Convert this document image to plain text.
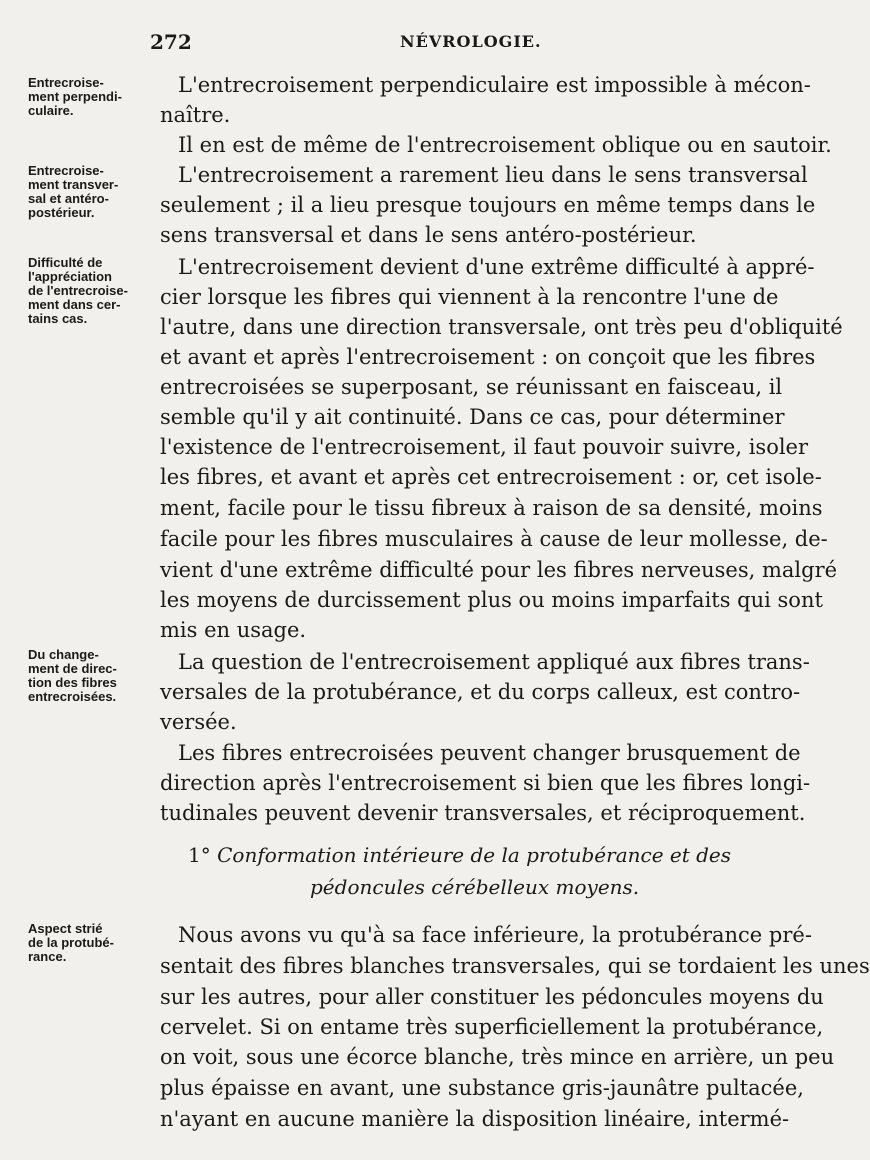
272	NÉVROLOGIE.
Entrecroise-
ment perpendi-
culaire.
Entrecroise-
ment transver-
sal et antéro-
postérieur.
Difficulté de
l'appréciation
de l'entrecroise-
ment dans cer-
tains cas.
Du change-
ment de direc-
tion des fibres
entrecroisées.
Aspect strié
de la protubé-
rance.
L'entrecroisement perpendiculaire est impossible à mécon-
naître.
Il en est de même de l'entrecroisement oblique ou en sautoir.
L'entrecroisement a rarement lieu dans le sens transversal
seulement ; il a lieu presque toujours en même temps dans le
sens transversal et dans le sens antéro-postérieur.
L'entrecroisement devient d'une extrême difficulté à appré-
cier lorsque les fibres qui viennent à la rencontre l'une de
l'autre, dans une direction transversale, ont très peu d'obliquité
et avant et après l'entrecroisement : on conçoit que les fibres
entrecroisées se superposant, se réunissant en faisceau, il
semble qu'il y ait continuité. Dans ce cas, pour déterminer
l'existence de l'entrecroisement, il faut pouvoir suivre, isoler
les fibres, et avant et après cet entrecroisement : or, cet isole-
ment, facile pour le tissu fibreux à raison de sa densité, moins
facile pour les fibres musculaires à cause de leur mollesse, de-
vient d'une extrême difficulté pour les fibres nerveuses, malgré
les moyens de durcissement plus ou moins imparfaits qui sont
mis en usage.
La question de l'entrecroisement appliqué aux fibres trans-
versales de la protubérance, et du corps calleux, est contro-
versée.
Les fibres entrecroisées peuvent changer brusquement de
direction après l'entrecroisement si bien que les fibres longi-
tudinales peuvent devenir transversales, et réciproquement.
1° Conformation intérieure de la protubérance et des
pédoncules cérébelleux moyens.
Nous avons vu qu'à sa face inférieure, la protubérance pré-
sentait des fibres blanches transversales, qui se tordaient les unes
sur les autres, pour aller constituer les pédoncules moyens du
cervelet. Si on entame très superficiellement la protubérance,
on voit, sous une écorce blanche, très mince en arrière, un peu
plus épaisse en avant, une substance gris-jaunâtre pultacée,
n'ayant en aucune manière la disposition linéaire, intermé-
